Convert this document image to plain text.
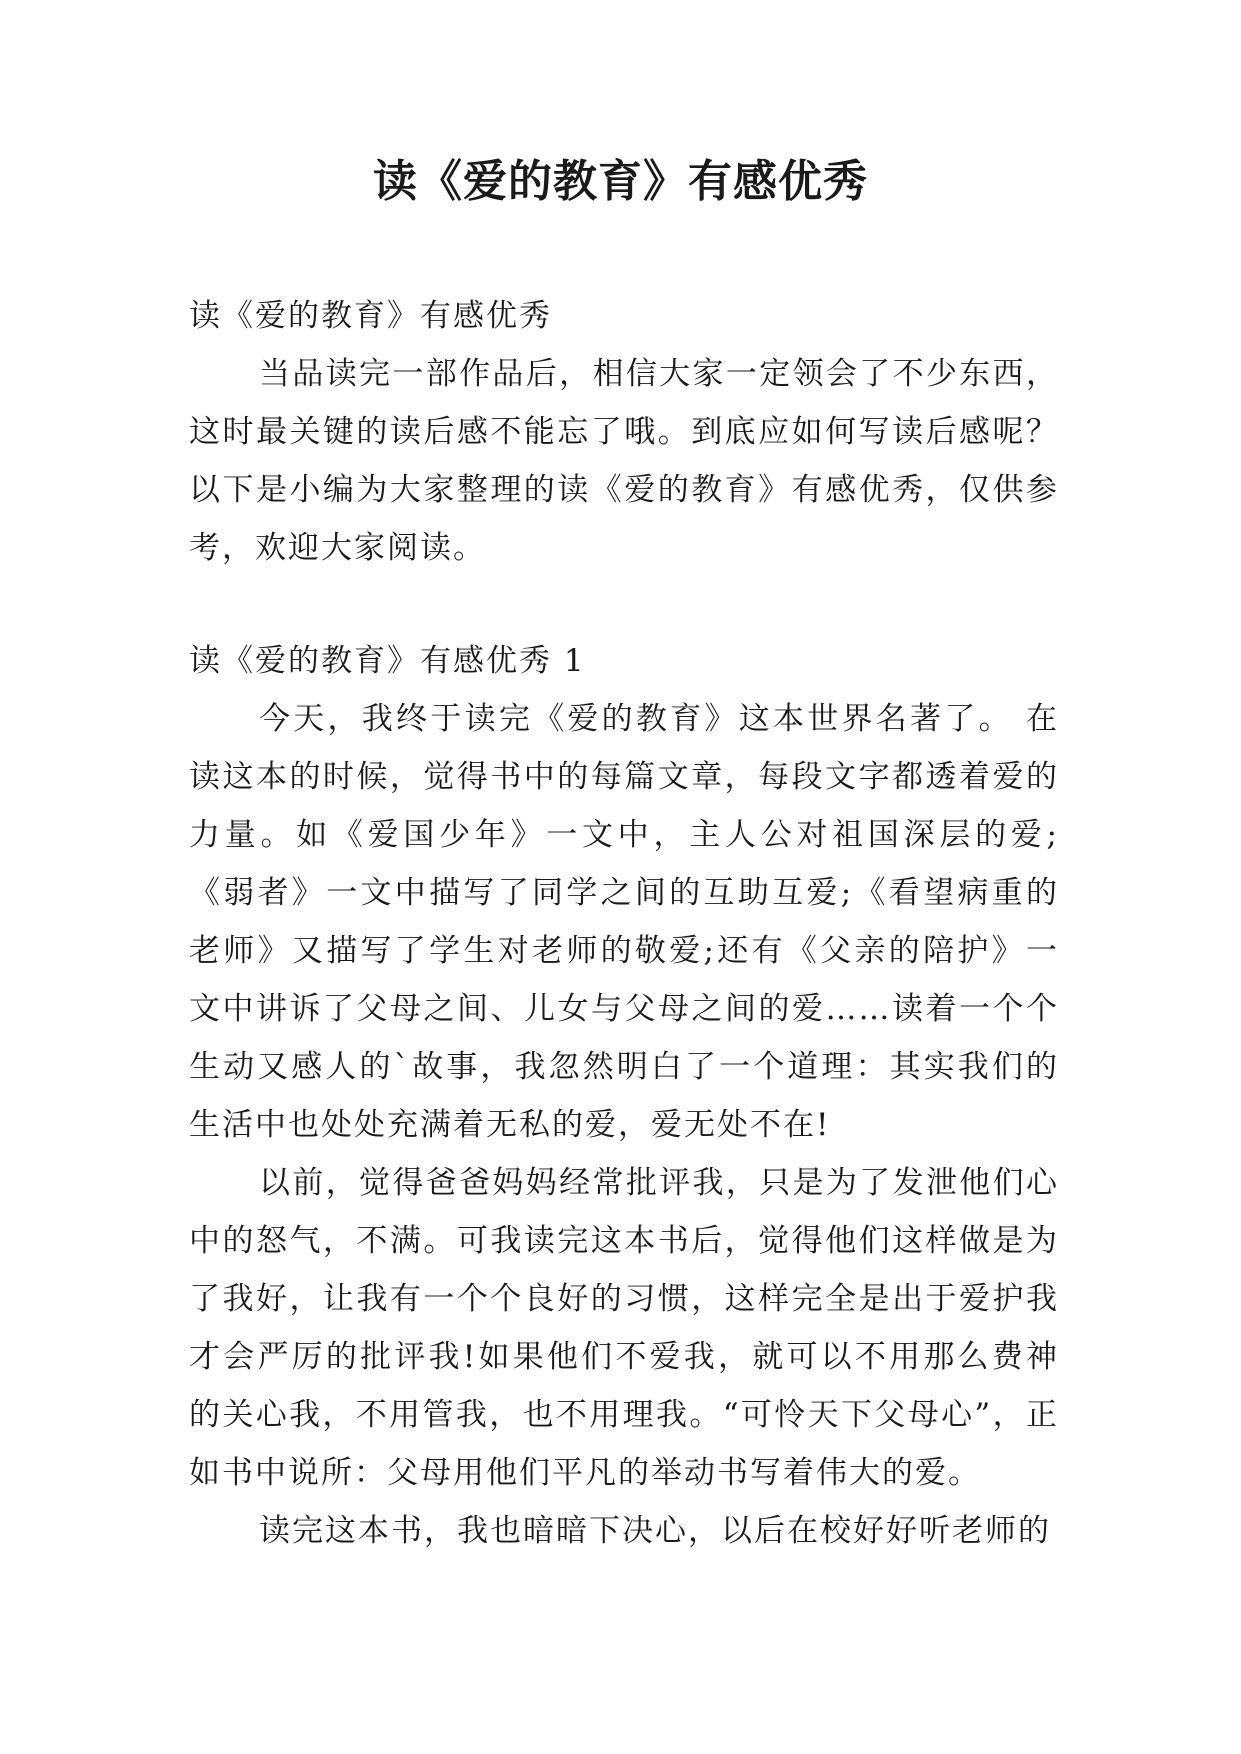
读《爱的教育》有感优秀

读《爱的教育》有感优秀

当品读完一部作品后，相信大家一定领会了不少东西，这时最关键的读后感不能忘了哦。到底应如何写读后感呢？以下是小编为大家整理的读《爱的教育》有感优秀，仅供参考，欢迎大家阅读。

读《爱的教育》有感优秀 1

今天，我终于读完《爱的教育》这本世界名著了。 在读这本的时候，觉得书中的每篇文章，每段文字都透着爱的力量。如《爱国少年》一文中，主人公对祖国深层的爱;《弱者》一文中描写了同学之间的互助互爱;《看望病重的老师》又描写了学生对老师的敬爱;还有《父亲的陪护》一文中讲诉了父母之间、儿女与父母之间的爱……读着一个个生动又感人的`故事，我忽然明白了一个道理：其实我们的生活中也处处充满着无私的爱，爱无处不在!

以前，觉得爸爸妈妈经常批评我，只是为了发泄他们心中的怒气，不满。可我读完这本书后，觉得他们这样做是为了我好，让我有一个个良好的习惯，这样完全是出于爱护我才会严厉的批评我!如果他们不爱我，就可以不用那么费神的关心我，不用管我，也不用理我。“可怜天下父母心”，正如书中说所：父母用他们平凡的举动书写着伟大的爱。

读完这本书，我也暗暗下决心，以后在校好好听老师的
